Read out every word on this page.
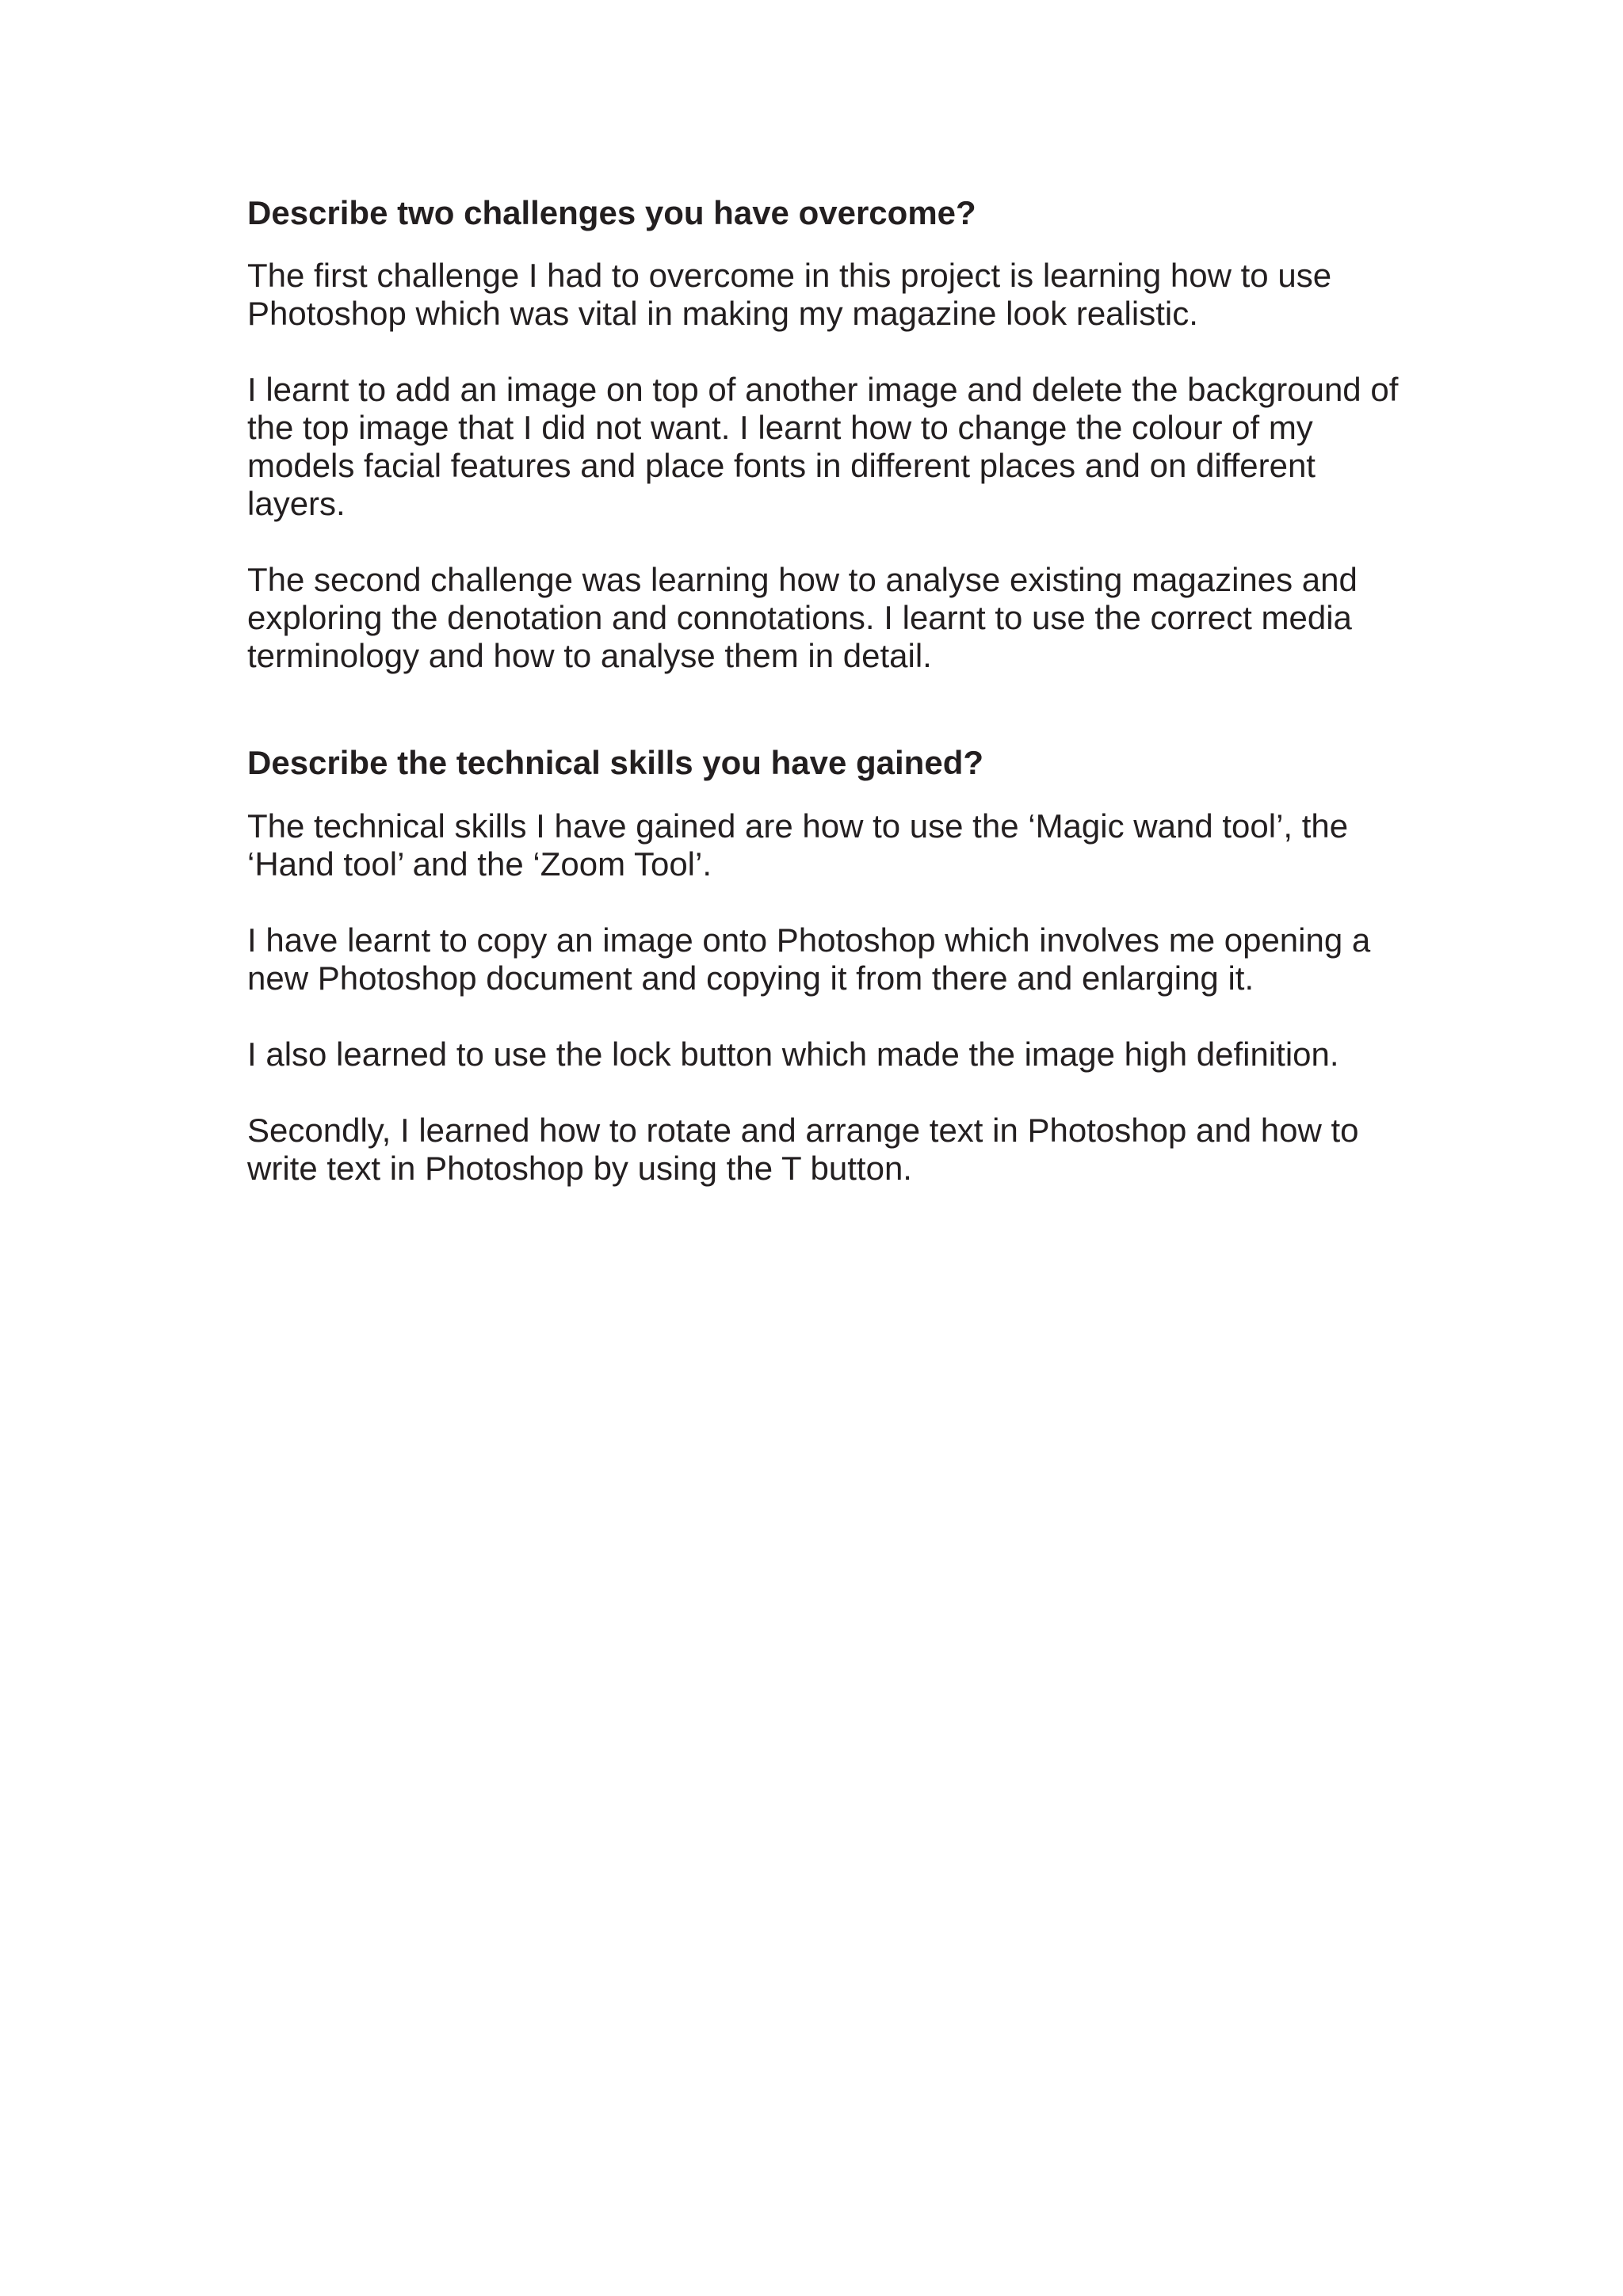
Describe two challenges you have overcome?

The first challenge I had to overcome in this project is learning how to use
Photoshop which was vital in making my magazine look realistic.

I learnt to add an image on top of another image and delete the background of
the top image that I did not want. I learnt how to change the colour of my
models facial features and place fonts in different places and on different
layers.

The second challenge was learning how to analyse existing magazines and
exploring the denotation and connotations. I learnt to use the correct media
terminology and how to analyse them in detail.

Describe the technical skills you have gained?

The technical skills I have gained are how to use the ‘Magic wand tool’, the
‘Hand tool’ and the ‘Zoom Tool’.

I have learnt to copy an image onto Photoshop which involves me opening a
new Photoshop document and copying it from there and enlarging it.

I also learned to use the lock button which made the image high definition.

Secondly, I learned how to rotate and arrange text in Photoshop and how to
write text in Photoshop by using the T button.
